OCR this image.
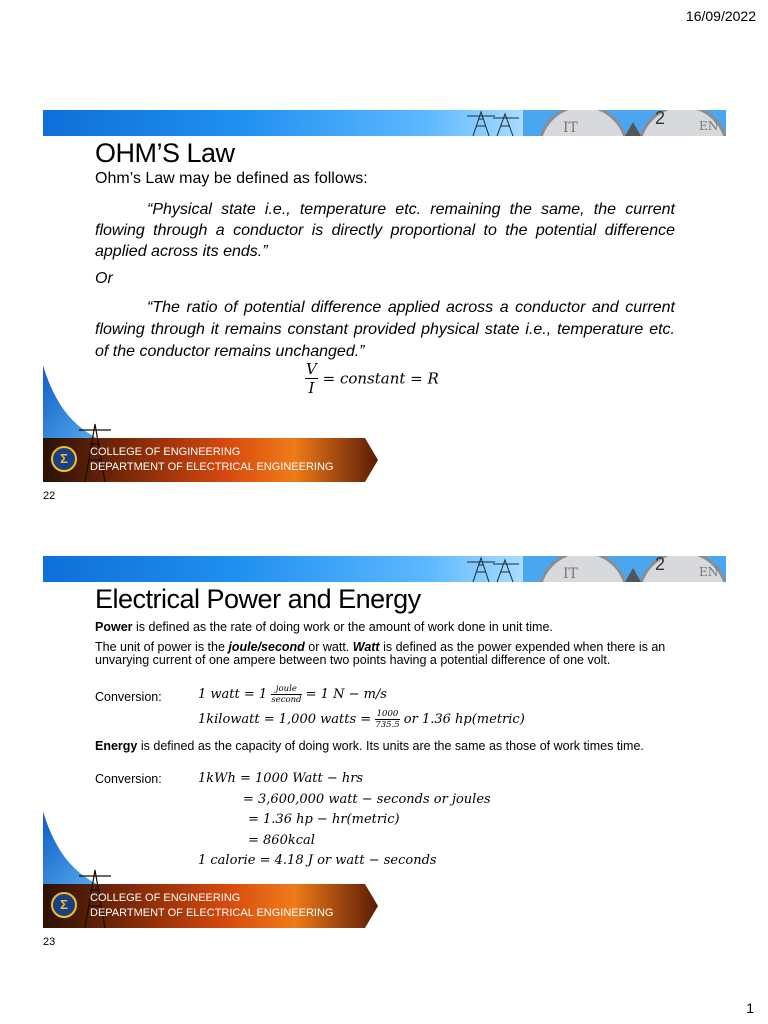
16/09/2022
IT	EN
2
OHM’S Law
Ohm’s Law may be defined as follows:
“Physical state i.e., temperature etc. remaining the same, the current flowing through a conductor is directly proportional to the potential difference applied across its ends.”
Or
“The ratio of potential difference applied across a conductor and current flowing through it remains constant provided physical state i.e., temperature etc. of the conductor remains unchanged.”
$\frac{V}{I}$ = constant = R
Σ	COLLEGE OF ENGINEERING
DEPARTMENT OF ELECTRICAL ENGINEERING
22
IT	EN
2
Electrical Power and Energy
Power is defined as the rate of doing work or the amount of work done in unit time.
The unit of power is the joule/second or watt. Watt is defined as the power expended when there is an unvarying current of one ampere between two points having a potential difference of one volt.
Conversion:	1 watt = $1 \frac{\text{joule}}{\text{second}} = 1$ N − m/s
1kilowatt = 1,000 watts = $\frac{1000}{735.5}$ or 1.36 hp(metric)
Energy is defined as the capacity of doing work. Its units are the same as those of work times time.
Conversion:	1kWh = 1000 Watt − hrs
= 3,600,000 watt − seconds or joules
= 1.36 hp − hr(metric)
= 860kcal
1 calorie = 4.18 J or watt − seconds
Σ	COLLEGE OF ENGINEERING
DEPARTMENT OF ELECTRICAL ENGINEERING
23
1
